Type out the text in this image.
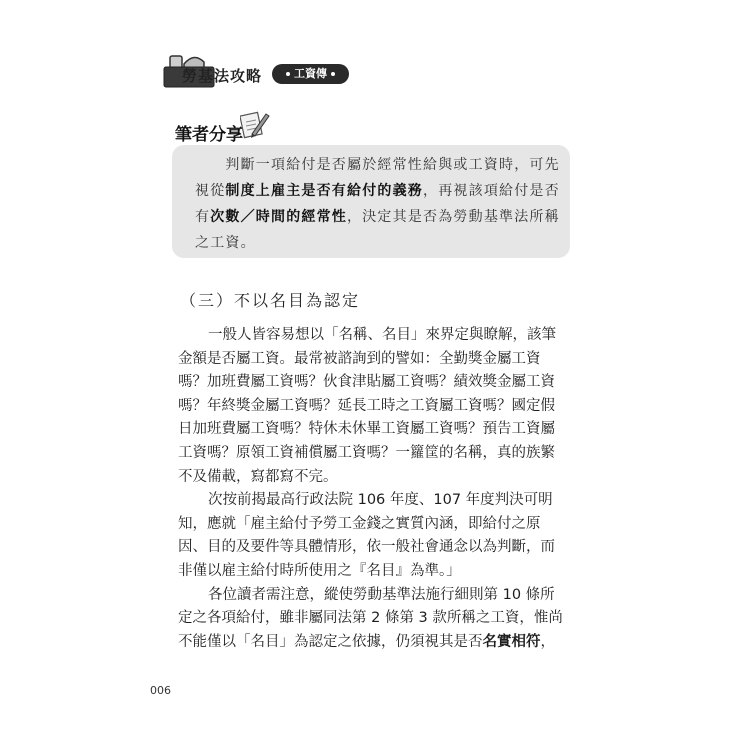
勞基法攻略	工資傳
筆者分享

　　判斷一項給付是否屬於經常性給與或工資時，可先

視從制度上雇主是否有給付的義務，再視該項給付是否

有次數／時間的經常性，決定其是否為勞動基準法所稱

之工資。

（三）不以名目為認定

一般人皆容易想以「名稱、名目」來界定與瞭解，該筆

金額是否屬工資。最常被諮詢到的譬如：全勤獎金屬工資

嗎？加班費屬工資嗎？伙食津貼屬工資嗎？績效獎金屬工資

嗎？年終獎金屬工資嗎？延長工時之工資屬工資嗎？國定假

日加班費屬工資嗎？特休未休畢工資屬工資嗎？預告工資屬

工資嗎？原領工資補償屬工資嗎？一籮筐的名稱，真的族繁

不及備載，寫都寫不完。

次按前揭最高行政法院 106 年度、107 年度判決可明

知，應就「雇主給付予勞工金錢之實質內涵，即給付之原

因、目的及要件等具體情形，依一般社會通念以為判斷，而

非僅以雇主給付時所使用之『名目』為準。」

各位讀者需注意，縱使勞動基準法施行細則第 10 條所

定之各項給付，雖非屬同法第 2 條第 3 款所稱之工資，惟尚

不能僅以「名目」為認定之依據，仍須視其是否名實相符，

006
